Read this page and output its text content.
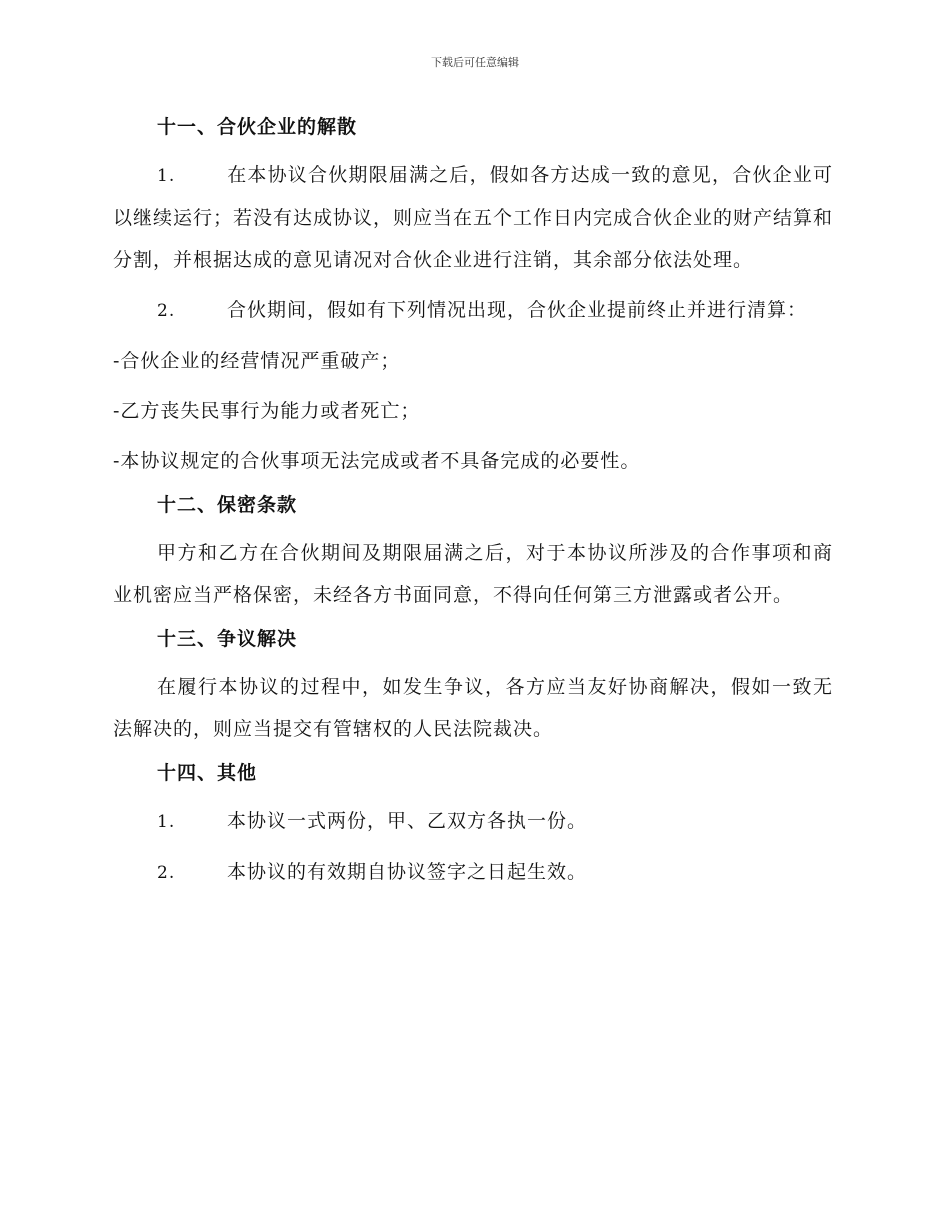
下载后可任意编辑
十一、合伙企业的解散
1.	在本协议合伙期限届满之后，假如各方达成一致的意见，合伙企业可以继续运行；若没有达成协议，则应当在五个工作日内完成合伙企业的财产结算和分割，并根据达成的意见请况对合伙企业进行注销，其余部分依法处理。
2.	合伙期间，假如有下列情况出现，合伙企业提前终止并进行清算：
-合伙企业的经营情况严重破产；
-乙方丧失民事行为能力或者死亡；
-本协议规定的合伙事项无法完成或者不具备完成的必要性。
十二、保密条款
甲方和乙方在合伙期间及期限届满之后，对于本协议所涉及的合作事项和商业机密应当严格保密，未经各方书面同意，不得向任何第三方泄露或者公开。
十三、争议解决
在履行本协议的过程中，如发生争议，各方应当友好协商解决，假如一致无法解决的，则应当提交有管辖权的人民法院裁决。
十四、其他
1.	本协议一式两份，甲、乙双方各执一份。
2.	本协议的有效期自协议签字之日起生效。
